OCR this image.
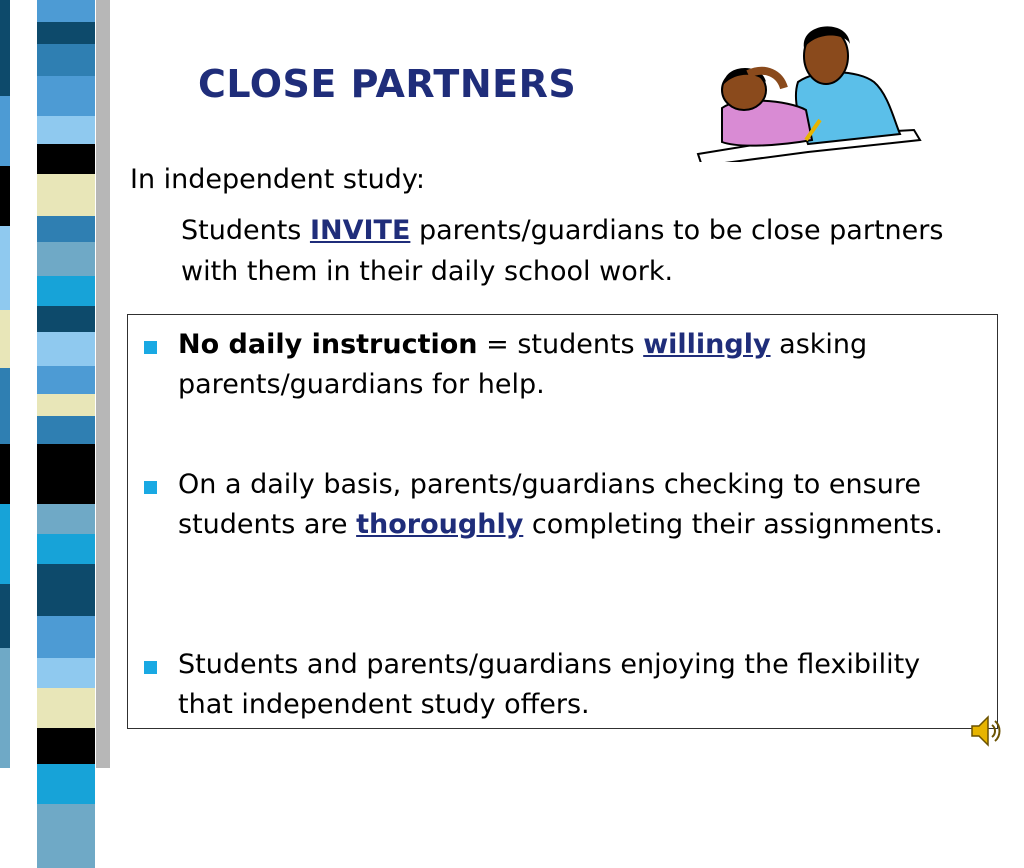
CLOSE PARTNERS
In independent study:
Students INVITE parents/guardians to be close partners with them in their daily school work.
No daily instruction = students willingly asking parents/guardians for help.
On a daily basis, parents/guardians checking to ensure students are thoroughly completing their assignments.
Students and parents/guardians enjoying the flexibility that independent study offers.
